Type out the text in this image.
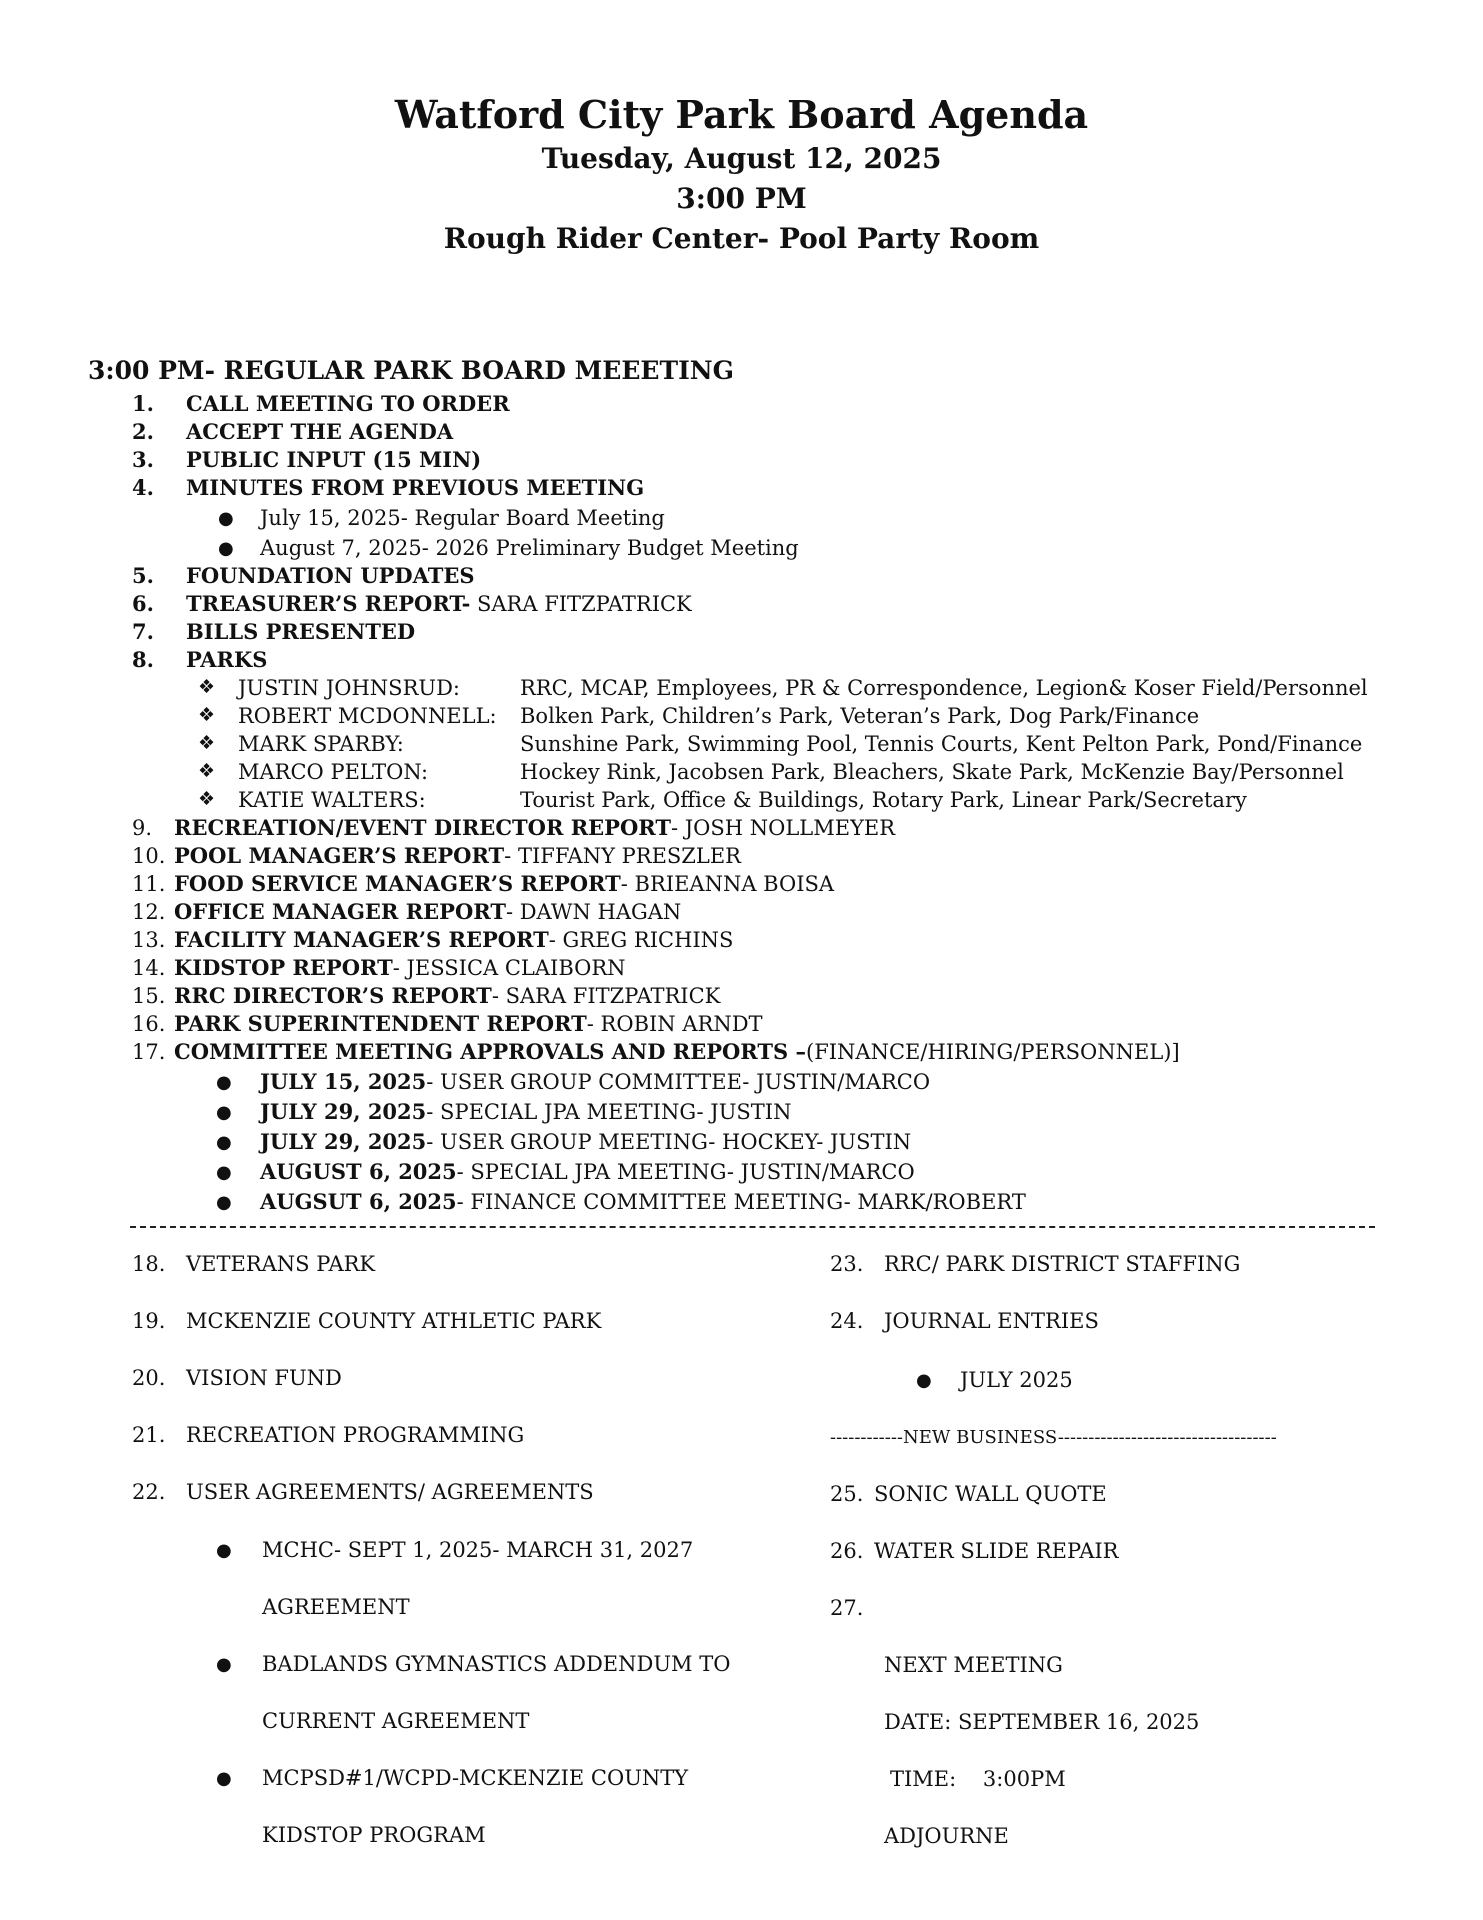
Watford City Park Board Agenda
Tuesday, August 12, 2025
3:00 PM
Rough Rider Center- Pool Party Room
3:00 PM- REGULAR PARK BOARD MEEETING
1. CALL MEETING TO ORDER
2. ACCEPT THE AGENDA
3. PUBLIC INPUT (15 MIN)
4. MINUTES FROM PREVIOUS MEETING
● July 15, 2025- Regular Board Meeting
● August 7, 2025- 2026 Preliminary Budget Meeting
5. FOUNDATION UPDATES
6. TREASURER’S REPORT- SARA FITZPATRICK
7. BILLS PRESENTED
8. PARKS
❖ JUSTIN JOHNSRUD:	RRC, MCAP, Employees, PR & Correspondence, Legion& Koser Field/Personnel
❖ ROBERT MCDONNELL: Bolken Park, Children’s Park, Veteran’s Park, Dog Park/Finance
❖ MARK SPARBY:	Sunshine Park, Swimming Pool, Tennis Courts, Kent Pelton Park, Pond/Finance
❖ MARCO PELTON:	Hockey Rink, Jacobsen Park, Bleachers, Skate Park, McKenzie Bay/Personnel
❖ KATIE WALTERS:	Tourist Park, Office & Buildings, Rotary Park, Linear Park/Secretary
9. RECREATION/EVENT DIRECTOR REPORT- JOSH NOLLMEYER
10. POOL MANAGER’S REPORT- TIFFANY PRESZLER
11. FOOD SERVICE MANAGER’S REPORT- BRIEANNA BOISA
12. OFFICE MANAGER REPORT- DAWN HAGAN
13. FACILITY MANAGER’S REPORT- GREG RICHINS
14. KIDSTOP REPORT- JESSICA CLAIBORN
15. RRC DIRECTOR’S REPORT- SARA FITZPATRICK
16. PARK SUPERINTENDENT REPORT- ROBIN ARNDT
17. COMMITTEE MEETING APPROVALS AND REPORTS –(FINANCE/HIRING/PERSONNEL)]
● JULY 15, 2025- USER GROUP COMMITTEE- JUSTIN/MARCO
● JULY 29, 2025- SPECIAL JPA MEETING- JUSTIN
● JULY 29, 2025- USER GROUP MEETING- HOCKEY- JUSTIN
● AUGUST 6, 2025- SPECIAL JPA MEETING- JUSTIN/MARCO
● AUGSUT 6, 2025- FINANCE COMMITTEE MEETING- MARK/ROBERT
18. VETERANS PARK
19. MCKENZIE COUNTY ATHLETIC PARK
20. VISION FUND
21. RECREATION PROGRAMMING
22. USER AGREEMENTS/ AGREEMENTS
● MCHC- SEPT 1, 2025- MARCH 31, 2027
AGREEMENT
● BADLANDS GYMNASTICS ADDENDUM TO
CURRENT AGREEMENT
● MCPSD#1/WCPD-MCKENZIE COUNTY
KIDSTOP PROGRAM
23. RRC/ PARK DISTRICT STAFFING
24. JOURNAL ENTRIES
● JULY 2025
------------NEW BUSINESS------------------------------------
25. SONIC WALL QUOTE
26. WATER SLIDE REPAIR
27.
NEXT MEETING
DATE: SEPTEMBER 16, 2025
TIME:    3:00PM
ADJOURNE
